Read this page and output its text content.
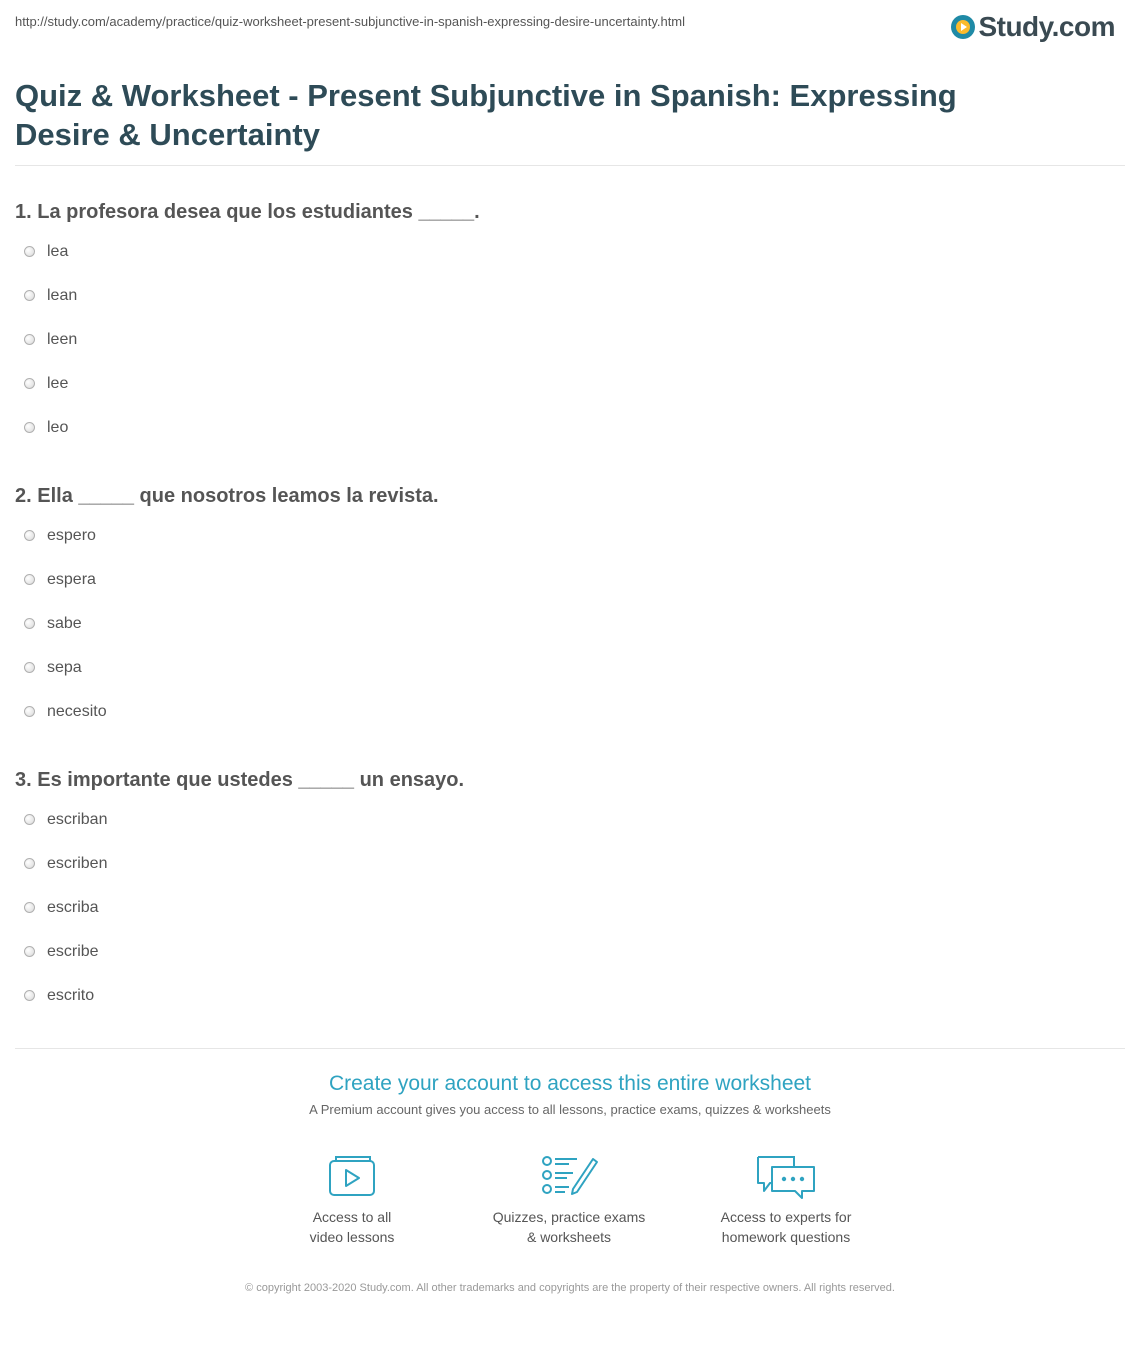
http://study.com/academy/practice/quiz-worksheet-present-subjunctive-in-spanish-expressing-desire-uncertainty.html	Study.com
Quiz & Worksheet - Present Subjunctive in Spanish: Expressing Desire & Uncertainty
1. La profesora desea que los estudiantes _____.
lea
lean
leen
lee
leo
2. Ella _____ que nosotros leamos la revista.
espero
espera
sabe
sepa
necesito
3. Es importante que ustedes _____ un ensayo.
escriban
escriben
escriba
escribe
escrito
Create your account to access this entire worksheet
A Premium account gives you access to all lessons, practice exams, quizzes & worksheets
Access to all
video lessons
Quizzes, practice exams
& worksheets
Access to experts for
homework questions
© copyright 2003-2020 Study.com. All other trademarks and copyrights are the property of their respective owners. All rights reserved.
